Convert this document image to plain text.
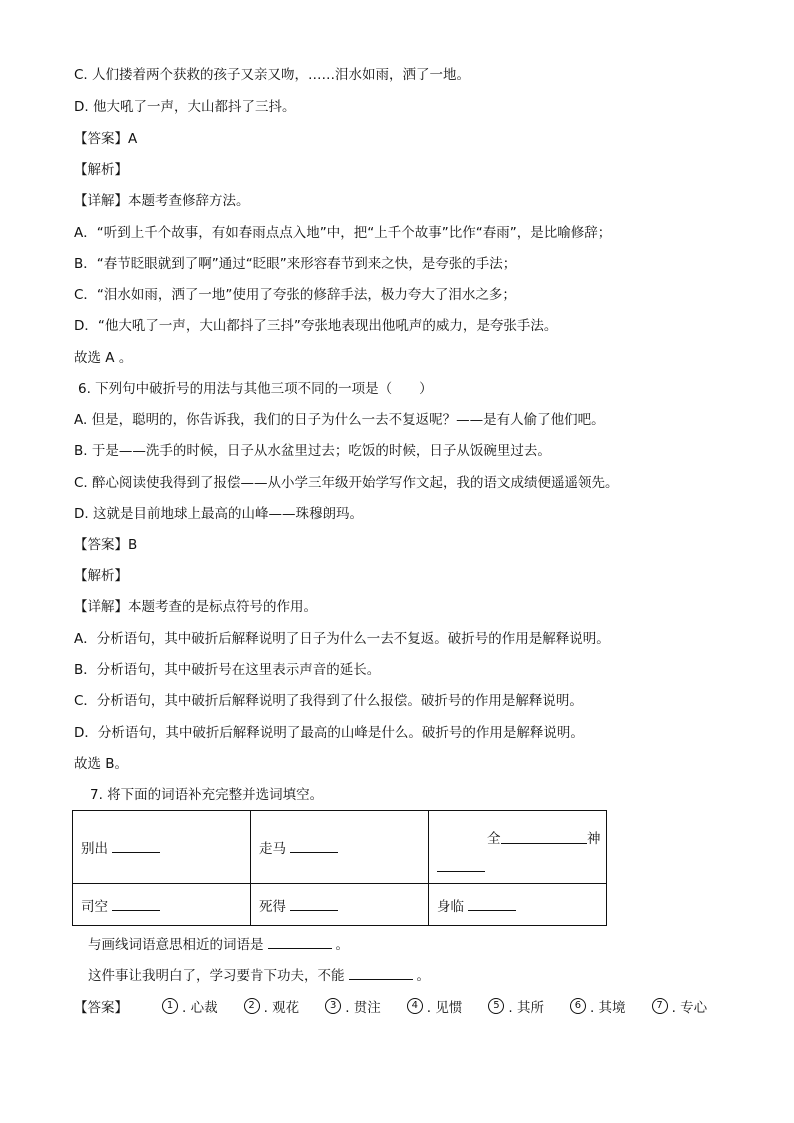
C. 人们搂着两个获救的孩子又亲又吻，……泪水如雨，洒了一地。
D. 他大吼了一声，大山都抖了三抖。
【答案】A
【解析】
【详解】本题考查修辞方法。
A．“听到上千个故事，有如春雨点点入地”中，把“上千个故事”比作“春雨”，是比喻修辞；
B．“春节眨眼就到了啊”通过“眨眼”来形容春节到来之快，是夸张的手法；
C．“泪水如雨，洒了一地”使用了夸张的修辞手法，极力夸大了泪水之多；
D．“他大吼了一声，大山都抖了三抖”夸张地表现出他吼声的威力，是夸张手法。
故选 A 。
6. 下列句中破折号的用法与其他三项不同的一项是（　　）
A. 但是，聪明的，你告诉我，我们的日子为什么一去不复返呢？——是有人偷了他们吧。
B. 于是——洗手的时候，日子从水盆里过去；吃饭的时候，日子从饭碗里过去。
C. 醉心阅读使我得到了报偿——从小学三年级开始学写作文起，我的语文成绩便遥遥领先。
D. 这就是目前地球上最高的山峰——珠穆朗玛。
【答案】B
【解析】
【详解】本题考查的是标点符号的作用。
A．分析语句，其中破折后解释说明了日子为什么一去不复返。破折号的作用是解释说明。
B．分析语句，其中破折号在这里表示声音的延长。
C．分析语句，其中破折后解释说明了我得到了什么报偿。破折号的作用是解释说明。
D．分析语句，其中破折后解释说明了最高的山峰是什么。破折号的作用是解释说明。
故选 B。
7. 将下面的词语补充完整并选词填空。
别出	走马	全 神

司空	死得	身临
与画线词语意思相近的词语是	。
这件事让我明白了，学习要肯下功夫，不能	。
【答案】	1 . 心裁	2 . 观花	3 . 贯注	4 . 见惯	5 . 其所	6 . 其境	7 . 专心
